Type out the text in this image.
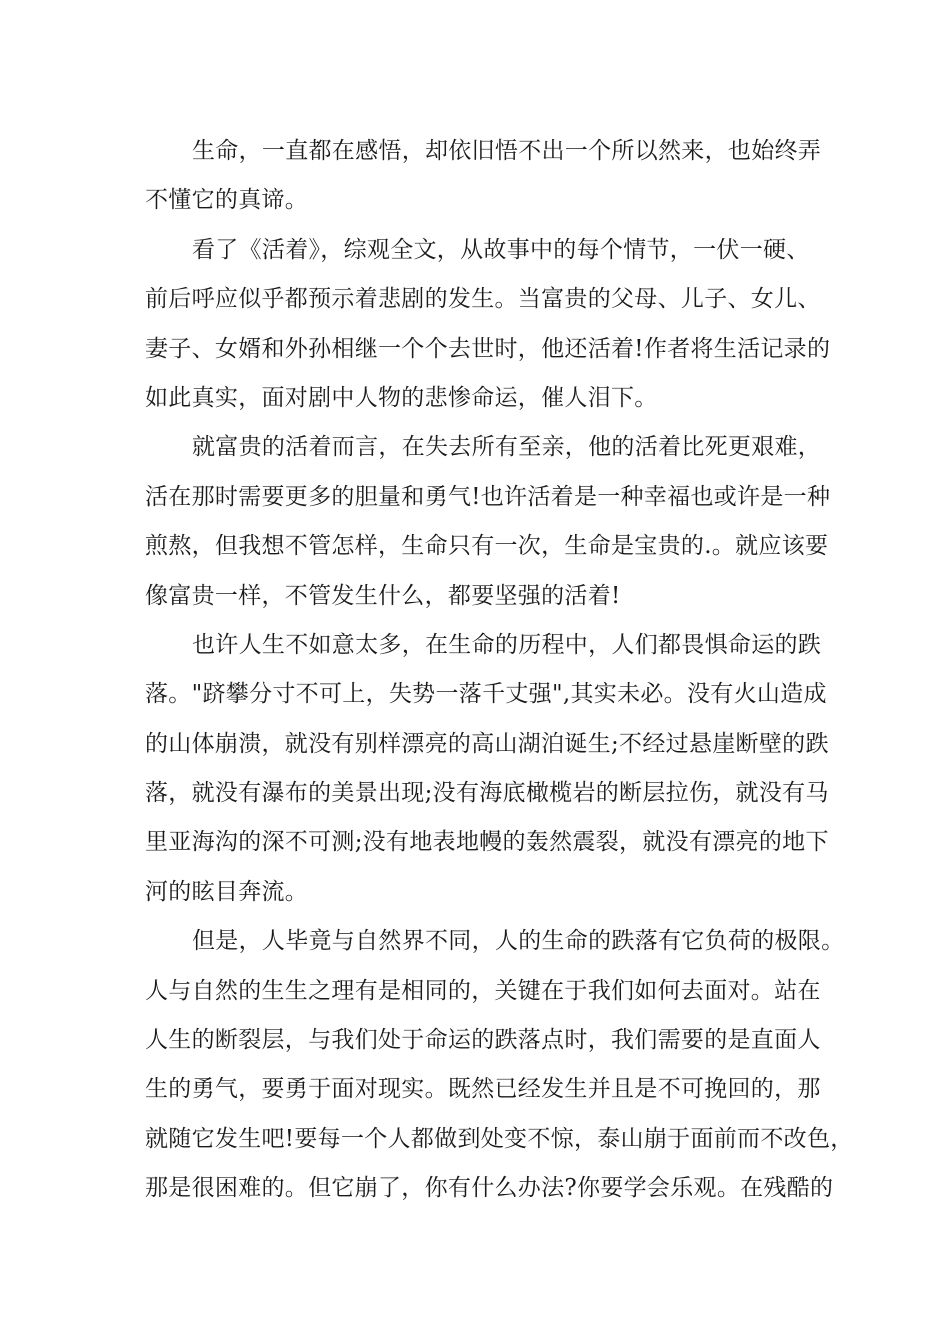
生命，一直都在感悟，却依旧悟不出一个所以然来，也始终弄
不懂它的真谛。
看了《活着》，综观全文，从故事中的每个情节，一伏一硬、
前后呼应似乎都预示着悲剧的发生。当富贵的父母、儿子、女儿、
妻子、女婿和外孙相继一个个去世时，他还活着!作者将生活记录的
如此真实，面对剧中人物的悲惨命运，催人泪下。
就富贵的活着而言，在失去所有至亲，他的活着比死更艰难，
活在那时需要更多的胆量和勇气!也许活着是一种幸福也或许是一种
煎熬，但我想不管怎样，生命只有一次，生命是宝贵的.。就应该要
像富贵一样，不管发生什么，都要坚强的活着!
也许人生不如意太多，在生命的历程中，人们都畏惧命运的跌
落。"跻攀分寸不可上，失势一落千丈强",其实未必。没有火山造成
的山体崩溃，就没有别样漂亮的高山湖泊诞生;不经过悬崖断壁的跌
落，就没有瀑布的美景出现;没有海底橄榄岩的断层拉伤，就没有马
里亚海沟的深不可测;没有地表地幔的轰然震裂，就没有漂亮的地下
河的眩目奔流。
但是，人毕竟与自然界不同，人的生命的跌落有它负荷的极限。
人与自然的生生之理有是相同的，关键在于我们如何去面对。站在
人生的断裂层，与我们处于命运的跌落点时，我们需要的是直面人
生的勇气，要勇于面对现实。既然已经发生并且是不可挽回的，那
就随它发生吧!要每一个人都做到处变不惊，泰山崩于面前而不改色，
那是很困难的。但它崩了，你有什么办法?你要学会乐观。在残酷的
